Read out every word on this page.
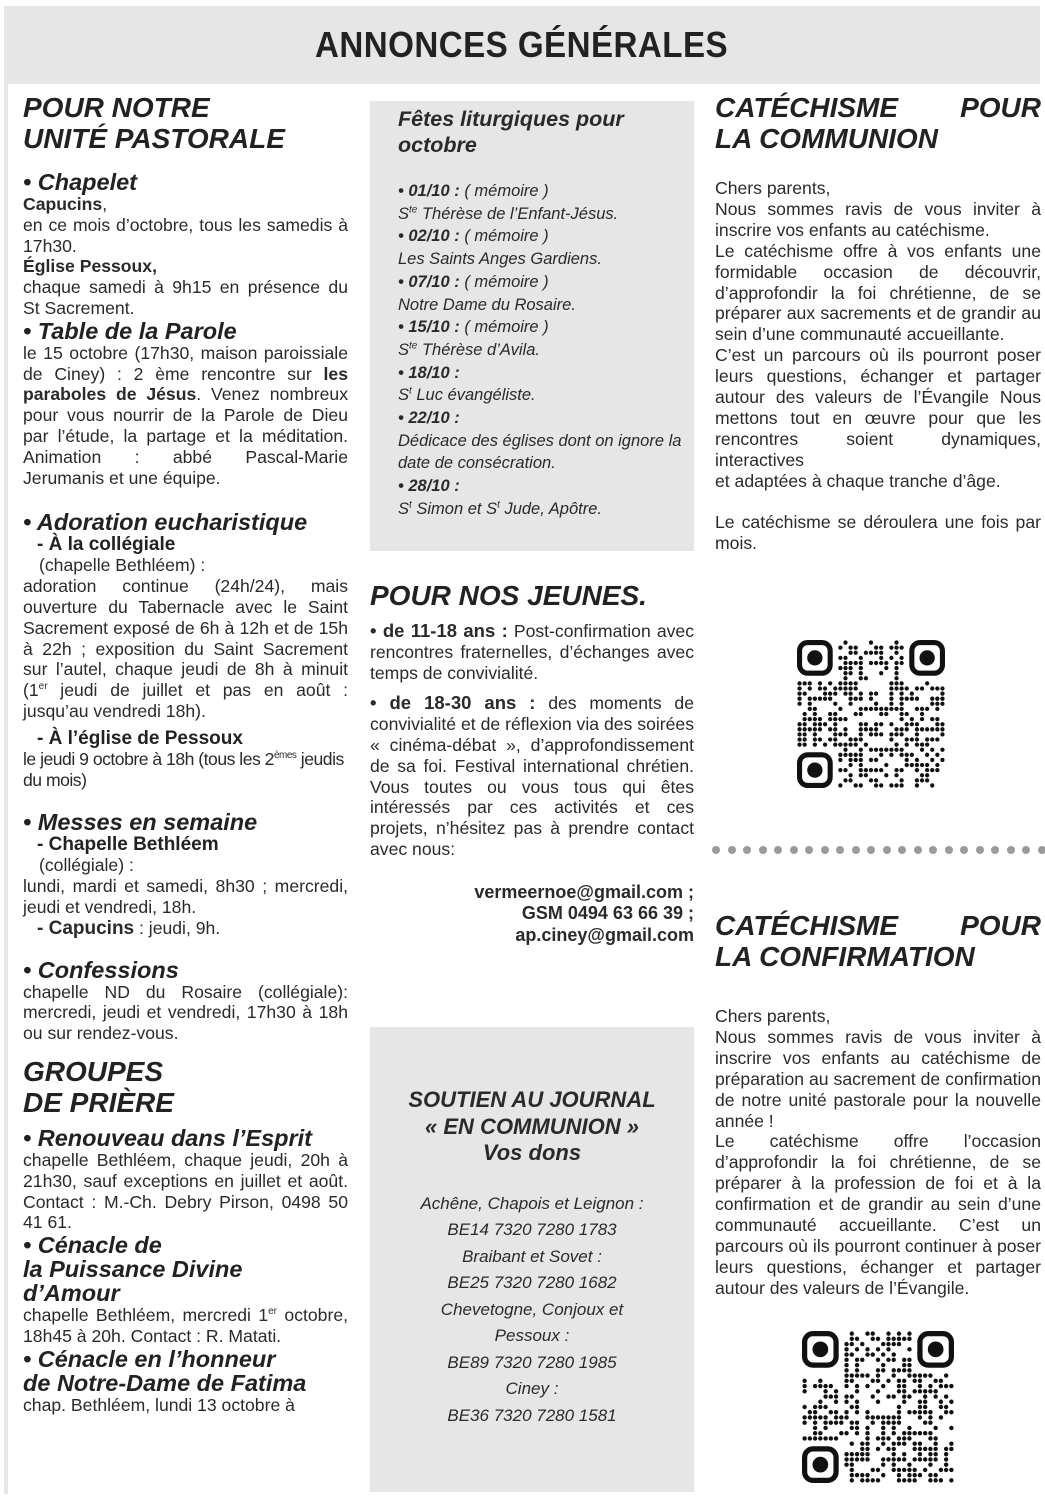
ANNONCES GÉNÉRALES
POUR NOTRE
UNITÉ PASTORALE
• Chapelet

Capucins,

en ce mois d’octobre, tous les samedis à 17h30.

Église Pessoux,

chaque samedi à 9h15 en présence du St Sacrement.

• Table de la Parole

le 15 octobre (17h30, maison paroissiale de Ciney) : 2 ème rencontre sur les paraboles de Jésus. Venez nombreux pour vous nourrir de la Parole de Dieu par l’étude, la partage et la méditation. Animation : abbé Pascal-Marie Jerumanis et une équipe.

• Adoration eucharistique

- À la collégiale

(chapelle Bethléem) :

adoration continue (24h/24), mais ouverture du Tabernacle avec le Saint Sacrement exposé de 6h à 12h et de 15h à 22h ; exposition du Saint Sacrement sur l’autel, chaque jeudi de 8h à minuit (1er jeudi de juillet et pas en août : jusqu’au vendredi 18h).

- À l’église de Pessoux

le jeudi 9 octobre à 18h (tous les 2èmes jeudis du mois)

• Messes en semaine

- Chapelle Bethléem

(collégiale) :

lundi, mardi et samedi, 8h30 ; mercredi, jeudi et vendredi, 18h.

- Capucins : jeudi, 9h.

• Confessions

chapelle ND du Rosaire (collégiale): mercredi, jeudi et vendredi, 17h30 à 18h ou sur rendez-vous.

GROUPES
DE PRIÈRE
• Renouveau dans l’Esprit

chapelle Bethléem, chaque jeudi, 20h à 21h30, sauf exceptions en juillet et août. Contact : M.-Ch. Debry Pirson, 0498 50 41 61.

• Cénacle de
la Puissance Divine
d’Amour

chapelle Bethléem, mercredi 1er octobre, 18h45 à 20h. Contact : R. Matati.

• Cénacle en l’honneur
de Notre-Dame de Fatima

chap. Bethléem, lundi 13 octobre à

Fêtes liturgiques pour octobre

• 01/10 : ( mémoire )
$S^{te}$ Thérèse de l’Enfant-Jésus.
• 02/10 : ( mémoire )
Les Saints Anges Gardiens.
• 07/10 : ( mémoire )
Notre Dame du Rosaire.
• 15/10 : ( mémoire )
$S^{te}$ Thérèse d’Avila.
• 18/10 :
$S^t$ Luc évangéliste.
• 22/10 :
Dédicace des églises dont on ignore la date de consécration.
• 28/10 :
$S^t$ Simon et $S^t$ Jude, Apôtre.
POUR NOS JEUNES.

• de 11-18 ans : Post-confirmation avec rencontres fraternelles, d’échanges avec temps de convivialité.

• de 18-30 ans : des moments de convivialité et de réflexion via des soirées « cinéma-débat », d’approfondissement de sa foi. Festival international chrétien. Vous toutes ou vous tous qui êtes intéressés par ces activités et ces projets, n’hésitez pas à prendre contact avec nous:

vermeernoe@gmail.com ;
GSM 0494 63 66 39 ;
ap.ciney@gmail.com
SOUTIEN AU JOURNAL
« EN COMMUNION »
Vos dons
Achêne, Chapois et Leignon :
BE14 7320 7280 1783
Braibant et Sovet :
BE25 7320 7280 1682
Chevetogne, Conjoux et
Pessoux :
BE89 7320 7280 1985
Ciney :
BE36 7320 7280 1581
CATÉCHISME POUR
LA COMMUNION

Chers parents,

Nous sommes ravis de vous inviter à inscrire vos enfants au catéchisme.

Le catéchisme offre à vos enfants une formidable occasion de découvrir, d’approfondir la foi chrétienne, de se préparer aux sacrements et de grandir au sein d’une communauté accueillante.

C’est un parcours où ils pourront poser leurs questions, échanger et partager autour des valeurs de l’Évangile Nous mettons tout en œuvre pour que les rencontres soient dynamiques, interactives

et adaptées à chaque tranche d’âge.

Le catéchisme se déroulera une fois par mois.

CATÉCHISME POUR
LA CONFIRMATION

Chers parents,

Nous sommes ravis de vous inviter à inscrire vos enfants au catéchisme de préparation au sacrement de confirmation de notre unité pastorale pour la nouvelle année !

Le catéchisme offre l’occasion d’approfondir la foi chrétienne, de se préparer à la profession de foi et à la confirmation et de grandir au sein d’une communauté accueillante. C’est un parcours où ils pourront continuer à poser leurs questions, échanger et partager autour des valeurs de l’Évangile.
